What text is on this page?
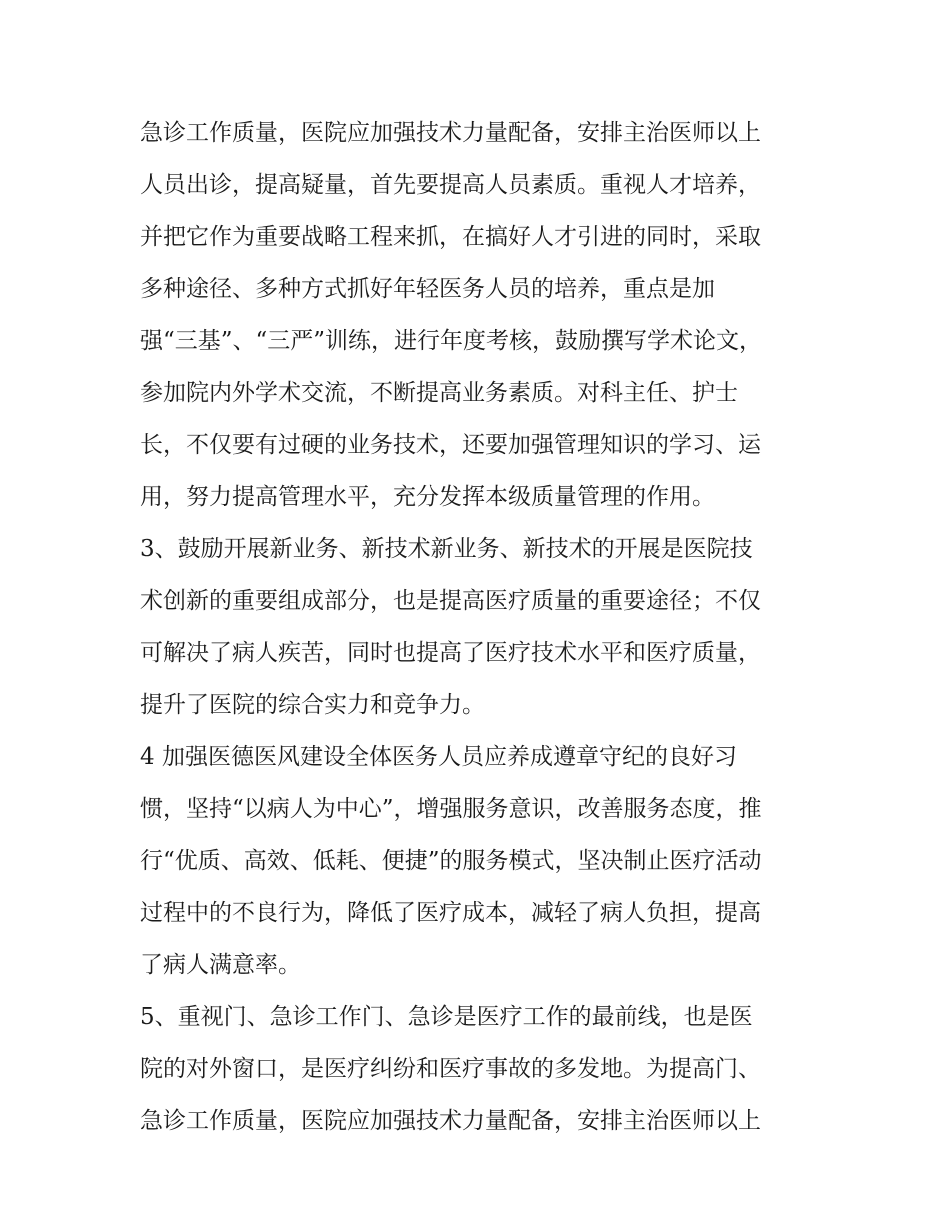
急诊工作质量，医院应加强技术力量配备，安排主治医师以上
人员出诊，提高疑量，首先要提高人员素质。重视人才培养，
并把它作为重要战略工程来抓，在搞好人才引进的同时，采取
多种途径、多种方式抓好年轻医务人员的培养，重点是加
强“三基”、“三严”训练，进行年度考核，鼓励撰写学术论文，
参加院内外学术交流，不断提高业务素质。对科主任、护士
长，不仅要有过硬的业务技术，还要加强管理知识的学习、运
用，努力提高管理水平，充分发挥本级质量管理的作用。
3、鼓励开展新业务、新技术新业务、新技术的开展是医院技
术创新的重要组成部分，也是提高医疗质量的重要途径；不仅
可解决了病人疾苦，同时也提高了医疗技术水平和医疗质量，
提升了医院的综合实力和竞争力。
4 加强医德医风建设全体医务人员应养成遵章守纪的良好习
惯，坚持“以病人为中心”，增强服务意识，改善服务态度，推
行“优质、高效、低耗、便捷”的服务模式，坚决制止医疗活动
过程中的不良行为，降低了医疗成本，减轻了病人负担，提高
了病人满意率。
5、重视门、急诊工作门、急诊是医疗工作的最前线，也是医
院的对外窗口，是医疗纠纷和医疗事故的多发地。为提高门、
急诊工作质量，医院应加强技术力量配备，安排主治医师以上
